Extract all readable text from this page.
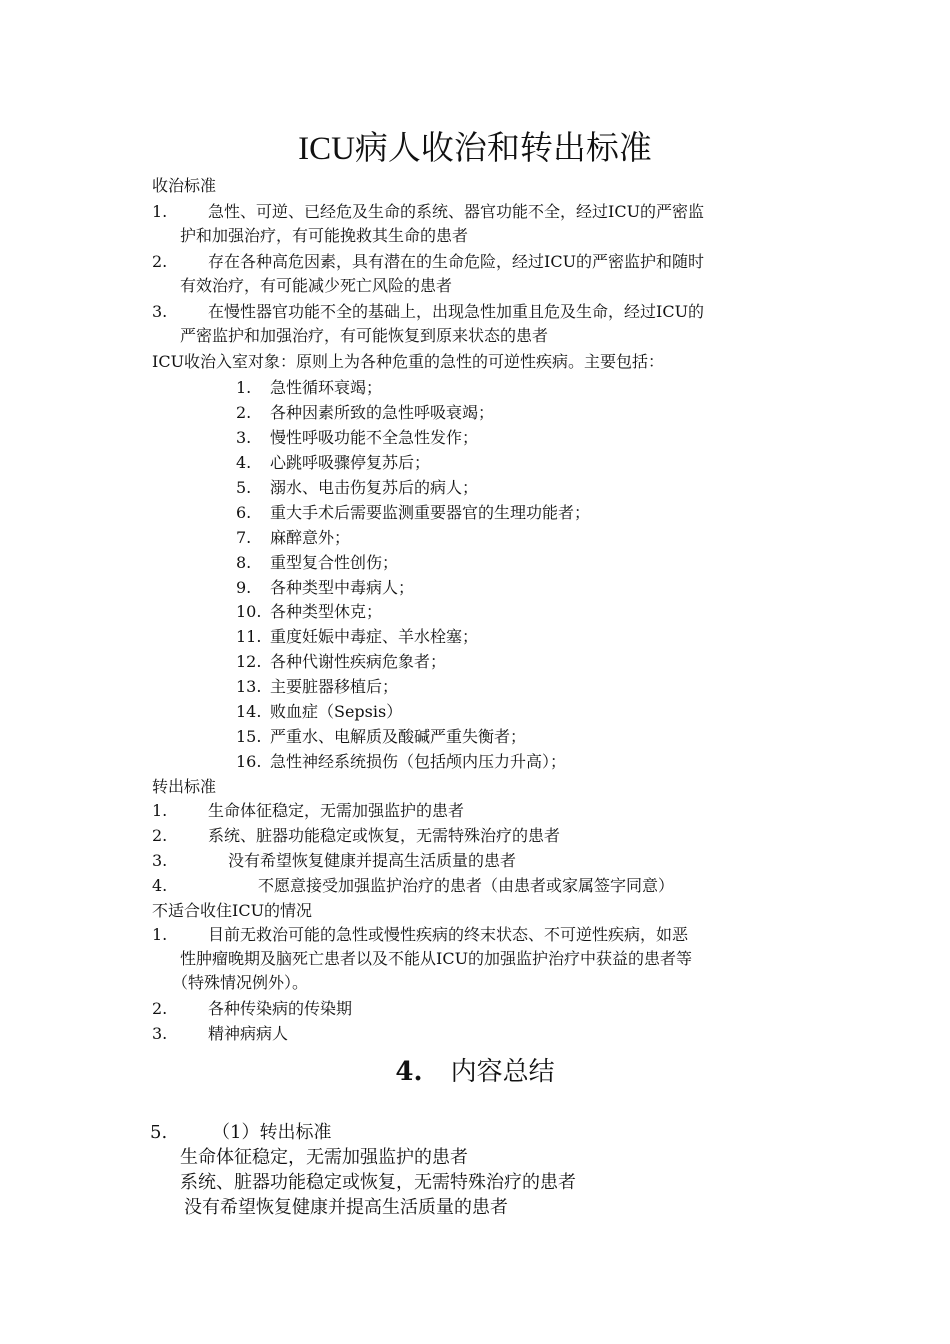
ICU病人收治和转出标准
收治标准
1.	急性、可逆、已经危及生命的系统、器官功能不全，经过ICU的严密监
护和加强治疗，有可能挽救其生命的患者
2.	存在各种高危因素，具有潜在的生命危险，经过ICU的严密监护和随时
有效治疗，有可能减少死亡风险的患者
3.	在慢性器官功能不全的基础上，出现急性加重且危及生命，经过ICU的
严密监护和加强治疗，有可能恢复到原来状态的患者
ICU收治入室对象：原则上为各种危重的急性的可逆性疾病。主要包括：
1. 急性循环衰竭；
2. 各种因素所致的急性呼吸衰竭；
3. 慢性呼吸功能不全急性发作；
4. 心跳呼吸骤停复苏后；
5. 溺水、电击伤复苏后的病人；
6. 重大手术后需要监测重要器官的生理功能者；
7. 麻醉意外；
8. 重型复合性创伤；
9. 各种类型中毒病人；
10. 各种类型休克；
11. 重度妊娠中毒症、羊水栓塞；
12. 各种代谢性疾病危象者；
13. 主要脏器移植后；
14. 败血症（Sepsis）
15. 严重水、电解质及酸碱严重失衡者；
16. 急性神经系统损伤（包括颅内压力升高）；
转出标准
1.	生命体征稳定，无需加强监护的患者
2.	系统、脏器功能稳定或恢复，无需特殊治疗的患者
3.	没有希望恢复健康并提高生活质量的患者
4.	不愿意接受加强监护治疗的患者（由患者或家属签字同意）
不适合收住ICU的情况
1.	目前无救治可能的急性或慢性疾病的终末状态、不可逆性疾病，如恶
性肿瘤晚期及脑死亡患者以及不能从ICU的加强监护治疗中获益的患者等
（特殊情况例外）。
2.	各种传染病的传染期
3.	精神病病人
4. 内容总结
5. （1）转出标准
生命体征稳定，无需加强监护的患者
系统、脏器功能稳定或恢复，无需特殊治疗的患者
没有希望恢复健康并提高生活质量的患者
